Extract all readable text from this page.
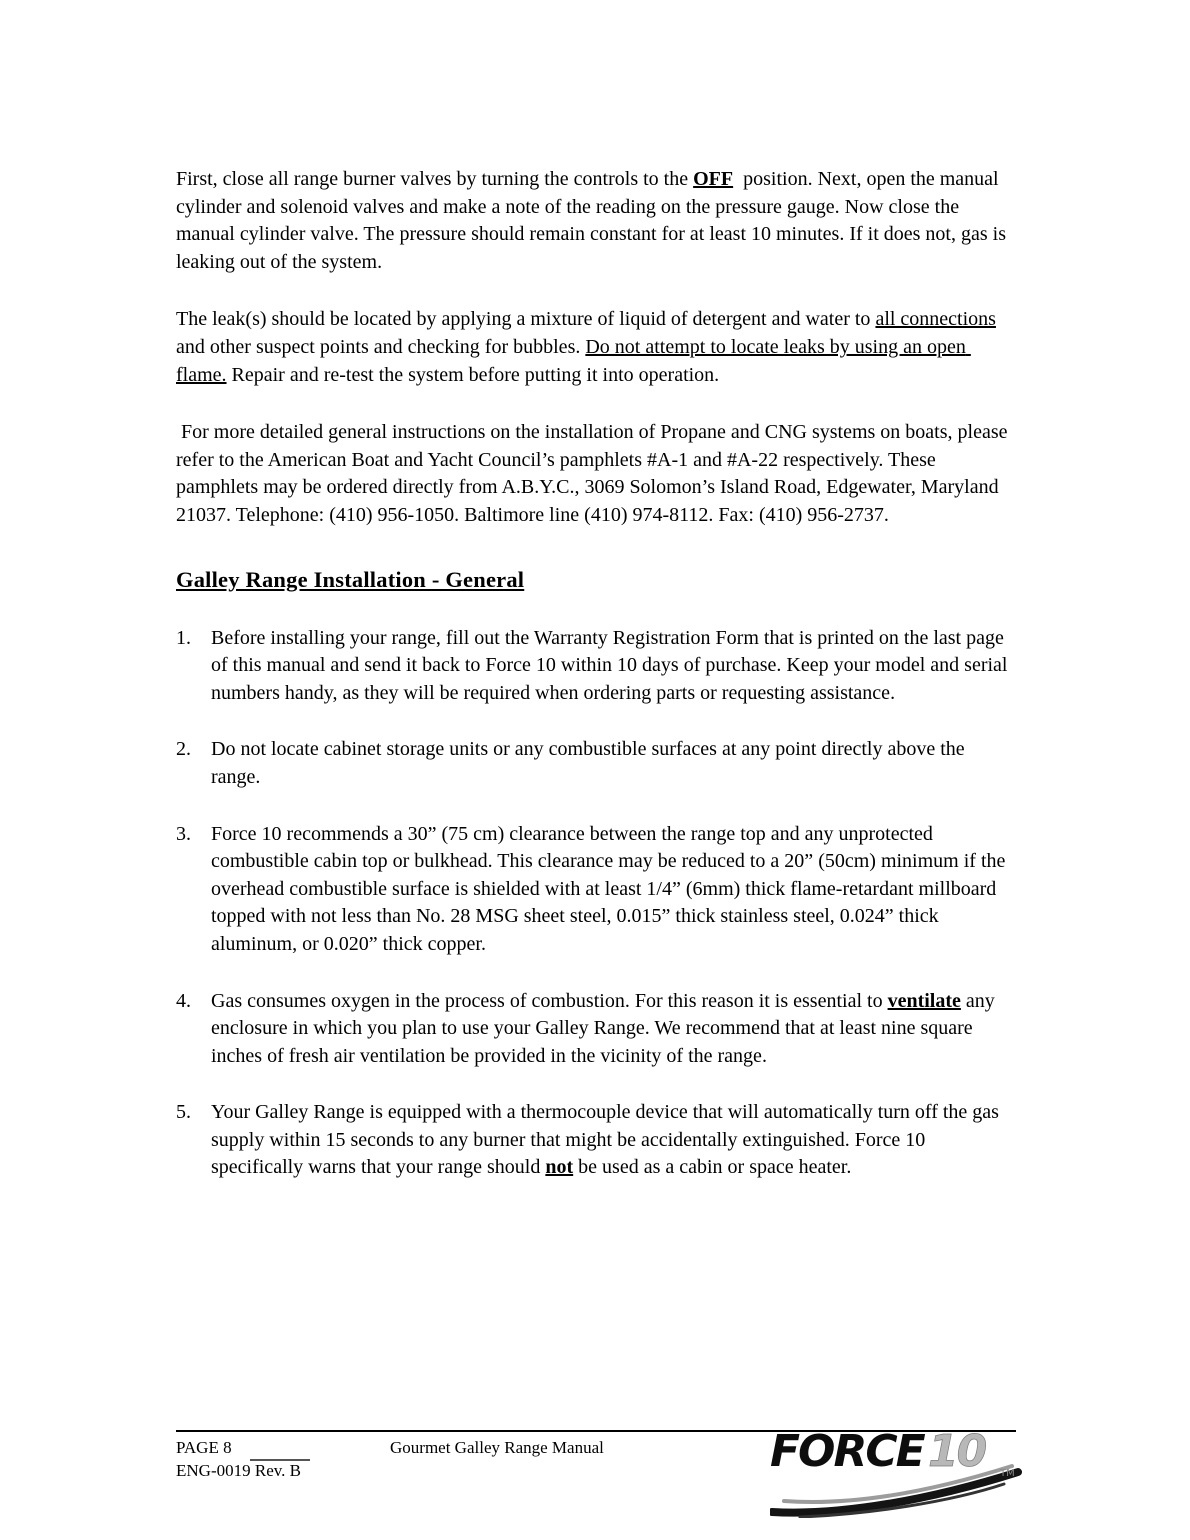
First, close all range burner valves by turning the controls to the OFF  position. Next, open the manual cylinder and solenoid valves and make a note of the reading on the pressure gauge. Now close the manual cylinder valve. The pressure should remain constant for at least 10 minutes. If it does not, gas is leaking out of the system.

The leak(s) should be located by applying a mixture of liquid of detergent and water to all connections and other suspect points and checking for bubbles. Do not attempt to locate leaks by using an open flame. Repair and re-test the system before putting it into operation.

For more detailed general instructions on the installation of Propane and CNG systems on boats, please refer to the American Boat and Yacht Council’s pamphlets #A-1 and #A-22 respectively. These pamphlets may be ordered directly from A.B.Y.C., 3069 Solomon’s Island Road, Edgewater, Maryland 21037. Telephone: (410) 956-1050. Baltimore line (410) 974-8112. Fax: (410) 956-2737.

Galley Range Installation - General
1.	Before installing your range, fill out the Warranty Registration Form that is printed on the last page of this manual and send it back to Force 10 within 10 days of purchase. Keep your model and serial numbers handy, as they will be required when ordering parts or requesting assistance.
2.	Do not locate cabinet storage units or any combustible surfaces at any point directly above the range.
3.	Force 10 recommends a 30” (75 cm) clearance between the range top and any unprotected combustible cabin top or bulkhead. This clearance may be reduced to a 20” (50cm) minimum if the overhead combustible surface is shielded with at least 1/4” (6mm) thick flame-retardant millboard topped with not less than No. 28 MSG sheet steel, 0.015” thick stainless steel, 0.024” thick aluminum, or 0.020” thick copper.
4.	Gas consumes oxygen in the process of combustion. For this reason it is essential to ventilate any enclosure in which you plan to use your Galley Range. We recommend that at least nine square inches of fresh air ventilation be provided in the vicinity of the range.
5.	Your Galley Range is equipped with a thermocouple device that will automatically turn off the gas supply within 15 seconds to any burner that might be accidentally extinguished. Force 10 specifically warns that your range should not be used as a cabin or space heater.
PAGE 8
ENG-0019 Rev. B
Gourmet Galley Range Manual	FORCE 10 TM
